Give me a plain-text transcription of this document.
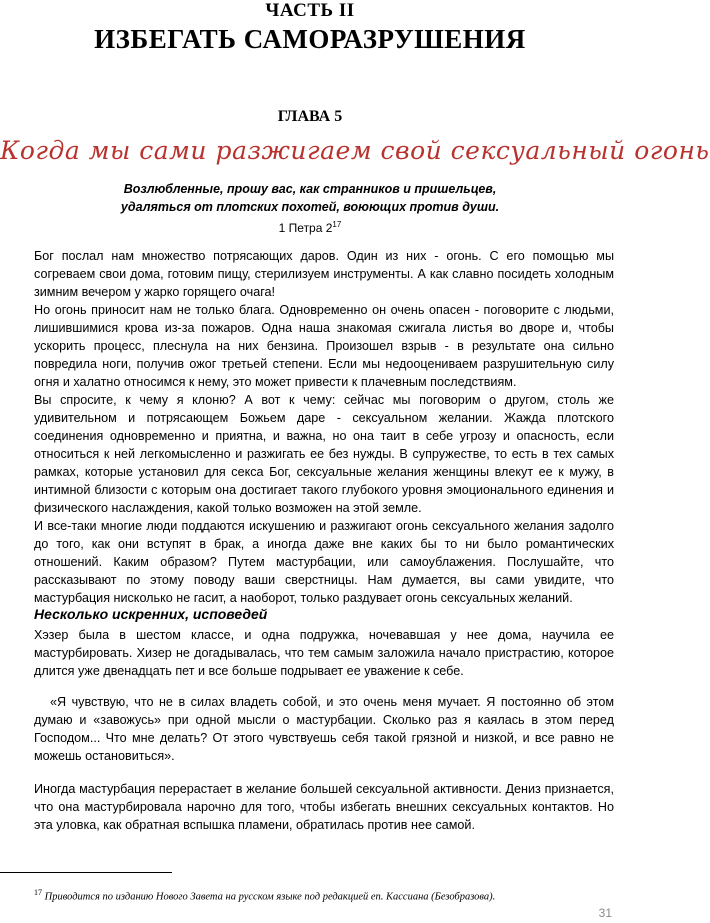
ЧАСТЬ II
ИЗБЕГАТЬ САМОРАЗРУШЕНИЯ
ГЛАВА 5
Когда мы сами разжигаем свой сексуальный огонь
Возлюбленные, прошу вас, как странников и пришельцев,
удаляться от плотских похотей, воюющих против души.
1 Петра $2^{17}$

Бог послал нам множество потрясающих даров. Один из них - огонь. С его помощью мы согреваем свои дома, готовим пищу, стерилизуем инструменты. А как славно посидеть холодным зимним вечером у жарко горящего очага!

Но огонь приносит нам не только блага. Одновременно он очень опасен - поговорите с людьми, лишившимися крова из-за пожаров. Одна наша знакомая сжигала листья во дворе и, чтобы ускорить процесс, плеснула на них бензина. Произошел взрыв - в результате она сильно повредила ноги, получив ожог третьей степени. Если мы недооцениваем разрушительную силу огня и халатно относимся к нему, это может привести к плачевным последствиям.

Вы спросите, к чему я клоню? А вот к чему: сейчас мы поговорим о другом, столь же удивительном и потрясающем Божьем даре - сексуальном желании. Жажда плотского соединения одновременно и приятна, и важна, но она таит в себе угрозу и опасность, если относиться к ней легкомысленно и разжигать ее без нужды. В супружестве, то есть в тех самых рамках, которые установил для секса Бог, сексуальные желания женщины влекут ее к мужу, в интимной близости с которым она достигает такого глубокого уровня эмоционального единения и физического наслаждения, какой только возможен на этой земле.

И все-таки многие люди поддаются искушению и разжигают огонь сексуального желания задолго до того, как они вступят в брак, а иногда даже вне каких бы то ни было романтических отношений. Каким образом? Путем мастурбации, или самоублажения. Послушайте, что рассказывают по этому поводу ваши сверстницы. Нам думается, вы сами увидите, что мастурбация нисколько не гасит, а наоборот, только раздувает огонь сексуальных желаний.

Несколько искренних, исповедей
Хэзер была в шестом классе, и одна подружка, ночевавшая у нее дома, научила ее мастурбировать. Хизер не догадывалась, что тем самым заложила начало пристрастию, которое длится уже двенадцать пет и все больше подрывает ее уважение к себе.
«Я чувствую, что не в силах владеть собой, и это очень меня мучает. Я постоянно об этом думаю и «завожусь» при одной мысли о мастурбации. Сколько раз я каялась в этом перед Господом... Что мне делать? От этого чувствуешь себя такой грязной и низкой, и все равно не можешь остановиться».
Иногда мастурбация перерастает в желание большей сексуальной активности. Дениз признается, что она мастурбировала нарочно для того, чтобы избегать внешних сексуальных контактов. Но эта уловка, как обратная вспышка пламени, обратилась против нее самой.
$^{17}$ Приводится по изданию Нового Завета на русском языке под редакцией еп. Кассиана (Безобразова).
31
